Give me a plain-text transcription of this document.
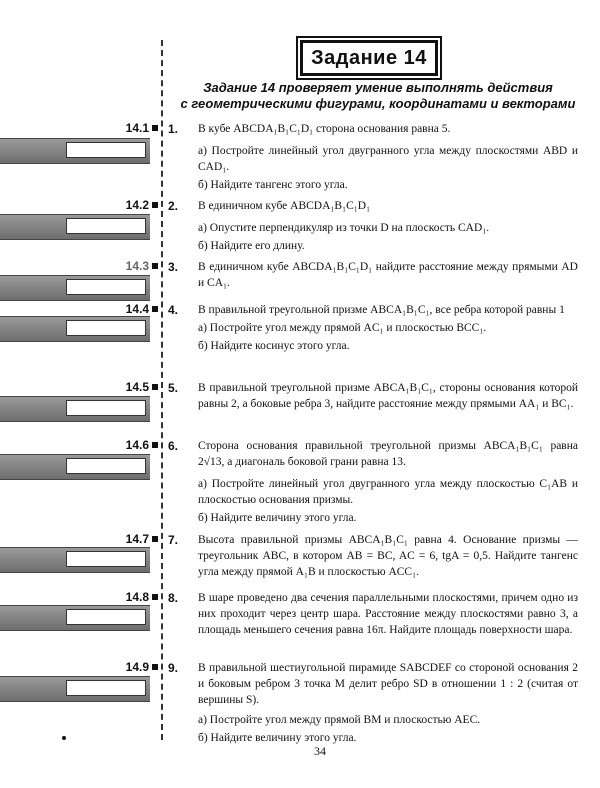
Задание 14
Задание 14 проверяет умение выполнять действия
с геометрическими фигурами, координатами и векторами
14.1
14.2
14.3
14.4
14.5
14.6
14.7
14.8
14.9
1.	В кубе ABCDA₁B₁C₁D₁ сторона основания равна 5.

а) Постройте линейный угол двугранного угла между плоскостями ABD и CAD₁.

б) Найдите тангенс этого угла.

2.	В единичном кубе ABCDA₁B₁C₁D₁

а) Опустите перпендикуляр из точки D на плоскость CAD₁.

б) Найдите его длину.

3.	В единичном кубе ABCDA₁B₁C₁D₁ найдите расстояние между прямыми AD и CA₁.

4.	В правильной треугольной призме ABCA₁B₁C₁, все ребра которой равны 1

а) Постройте угол между прямой AC₁ и плоскостью BCC₁.

б) Найдите косинус этого угла.

5.	В правильной треугольной призме ABCA₁B₁C₁, стороны основания которой равны 2, а боковые ребра 3, найдите расстояние между прямыми AA₁ и BC₁.

6.	Сторона основания правильной треугольной призмы ABCA₁B₁C₁ равна 2√13, а диагональ боковой грани равна 13.

а) Постройте линейный угол двугранного угла между плоскостью C₁AB и плоскостью основания призмы.

б) Найдите величину этого угла.

7.	Высота правильной призмы ABCA₁B₁C₁ равна 4. Основание призмы — треугольник ABC, в котором AB = BC, AC = 6, tgA = 0,5. Найдите тангенс угла между прямой A₁B и плоскостью ACC₁.

8.	В шаре проведено два сечения параллельными плоскостями, причем одно из них проходит через центр шара. Расстояние между плоскостями равно 3, а площадь меньшего сечения равна 16π. Найдите площадь поверхности шара.

9.	В правильной шестиугольной пирамиде SABCDEF со стороной основания 2 и боковым ребром 3 точка M делит ребро SD в отношении 1 : 2 (считая от вершины S).

а) Постройте угол между прямой BM и плоскостью AEC.

б) Найдите величину этого угла.

34
